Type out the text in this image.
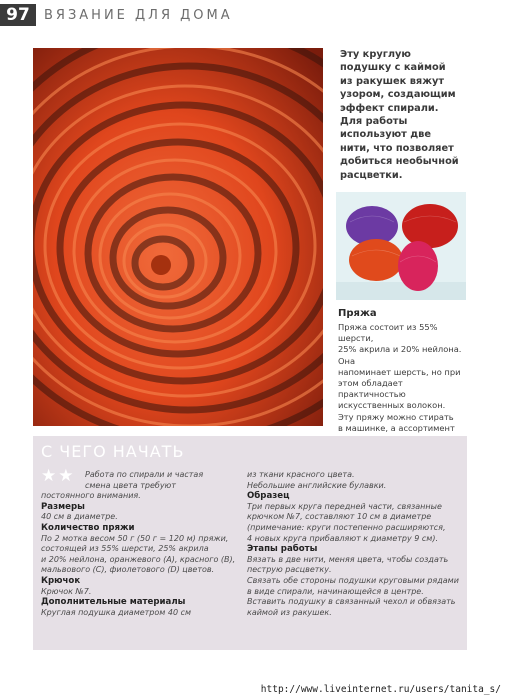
97	ВЯЗАНИЕ ДЛЯ ДОМА
Эту круглую
подушку с каймой
из ракушек вяжут
узором, создающим
эффект спирали.
Для работы
используют две
нити, что позволяет
добиться необычной
расцветки.
Пряжа
Пряжа состоит из 55% шерсти,
25% акрила и 20% нейлона. Она
напоминает шерсть, но при
этом обладает практичностью
искусственных волокон.
Эту пряжу можно стирать
в машинке, а ассортимент
С ЧЕГО НАЧАТЬ
★★	Работа по спирали и частая
смена цвета требуют
постоянного внимания.
Размеры
40 см в диаметре.
Количество пряжи
По 2 мотка весом 50 г (50 г = 120 м) пряжи,
состоящей из 55% шерсти, 25% акрила
и 20% нейлона, оранжевого (A), красного (B),
мальвового (C), фиолетового (D) цветов.
Крючок
Крючок №7.
Дополнительные материалы
Круглая подушка диаметром 40 см
из ткани красного цвета.
Небольшие английские булавки.
Образец
Три первых круга передней части, связанные
крючком №7, составляют 10 см в диаметре
(примечание: круги постепенно расширяются,
4 новых круга прибавляют к диаметру 9 см).
Этапы работы
Вязать в две нити, меняя цвета, чтобы создать
пеструю расцветку.
Связать обе стороны подушки круговыми рядами
в виде спирали, начинающейся в центре.
Вставить подушку в связанный чехол и обвязать
каймой из ракушек.
http://www.liveinternet.ru/users/tanita_s/
